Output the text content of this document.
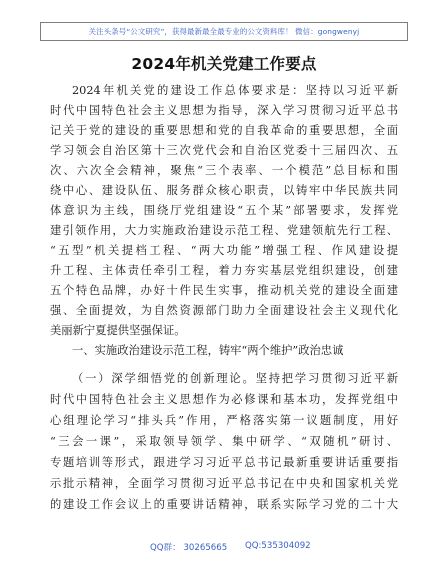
关注头条号“公文研究”，获得最新最全最专业的公文资料库！ 微信：gongwenyj
2024年机关党建工作要点
2024年机关党的建设工作总体要求是：坚持以习近平新
时代中国特色社会主义思想为指导，深入学习贯彻习近平总书
记关于党的建设的重要思想和党的自我革命的重要思想，全面
学习领会自治区第十三次党代会和自治区党委十三届四次、五
次、六次全会精神，聚焦“三个表率、一个模范”总目标和围
绕中心、建设队伍、服务群众核心职责，以铸牢中华民族共同
体意识为主线，围绕厅党组建设“五个某”部署要求，发挥党
建引领作用，大力实施政治建设示范工程、党建领航先行工程、
“五型”机关提档工程、“两大功能”增强工程、作风建设提
升工程、主体责任牵引工程，着力夯实基层党组织建设，创建
五个特色品牌，办好十件民生实事，推动机关党的建设全面建
强、全面提效，为自然资源部门助力全面建设社会主义现代化
美丽新宁夏提供坚强保证。
一、实施政治建设示范工程，铸牢“两个维护”政治忠诚
（一）深学细悟党的创新理论。坚持把学习贯彻习近平新
时代中国特色社会主义思想作为必修课和基本功，发挥党组中
心组理论学习“排头兵”作用，严格落实第一议题制度，用好
“三会一课”，采取领导领学、集中研学、“双随机”研讨、
专题培训等形式，跟进学习习近平总书记最新重要讲话重要指
示批示精神，全面学习贯彻习近平总书记在中央和国家机关党
的建设工作会议上的重要讲话精神，联系实际学习党的二十大
QQ群： 30265665 QQ:535304092
